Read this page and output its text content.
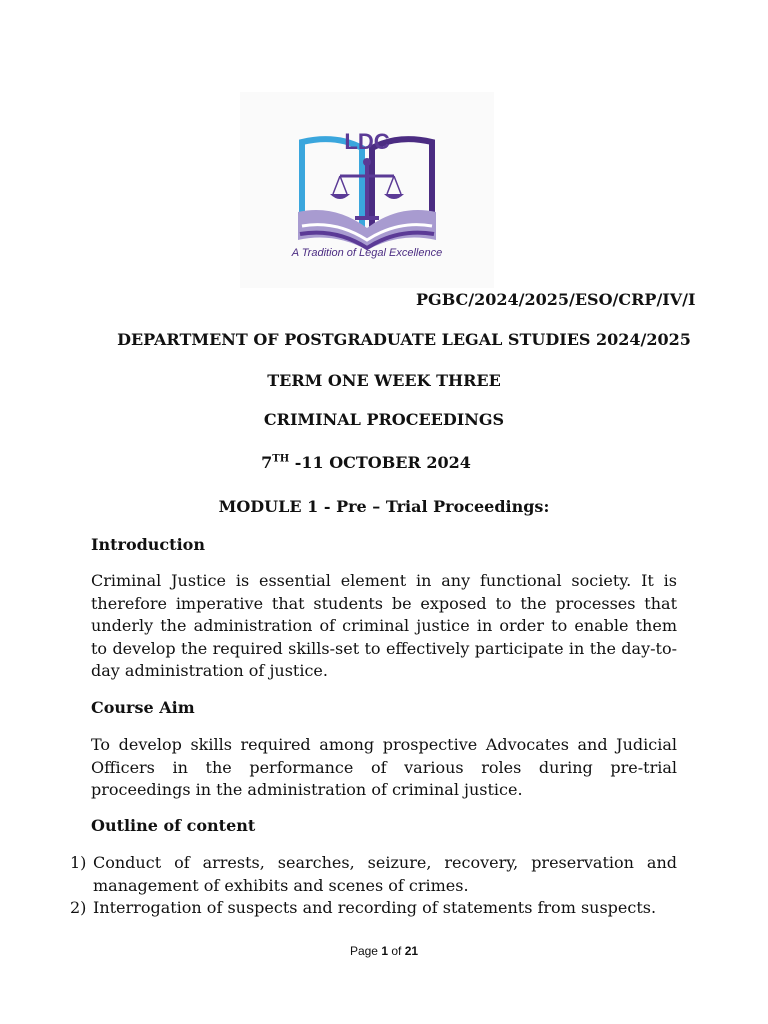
LDC
A Tradition of Legal Excellence
PGBC/2024/2025/ESO/CRP/IV/I
DEPARTMENT OF POSTGRADUATE LEGAL STUDIES 2024/2025
TERM ONE WEEK THREE
CRIMINAL PROCEEDINGS
7TH -11 OCTOBER 2024
MODULE 1 - Pre – Trial Proceedings:
Introduction
Criminal Justice is essential element in any functional society. It is therefore imperative that students be exposed to the processes that underly the administration of criminal justice in order to enable them to develop the required skills-set to effectively participate in the day-to-day administration of justice.
Course Aim
To develop skills required among prospective Advocates and Judicial Officers in the performance of various roles during pre-trial proceedings in the administration of criminal justice.
Outline of content
1) Conduct of arrests, searches, seizure, recovery, preservation and management of exhibits and scenes of crimes.
2) Interrogation of suspects and recording of statements from suspects.
Page 1 of 21
